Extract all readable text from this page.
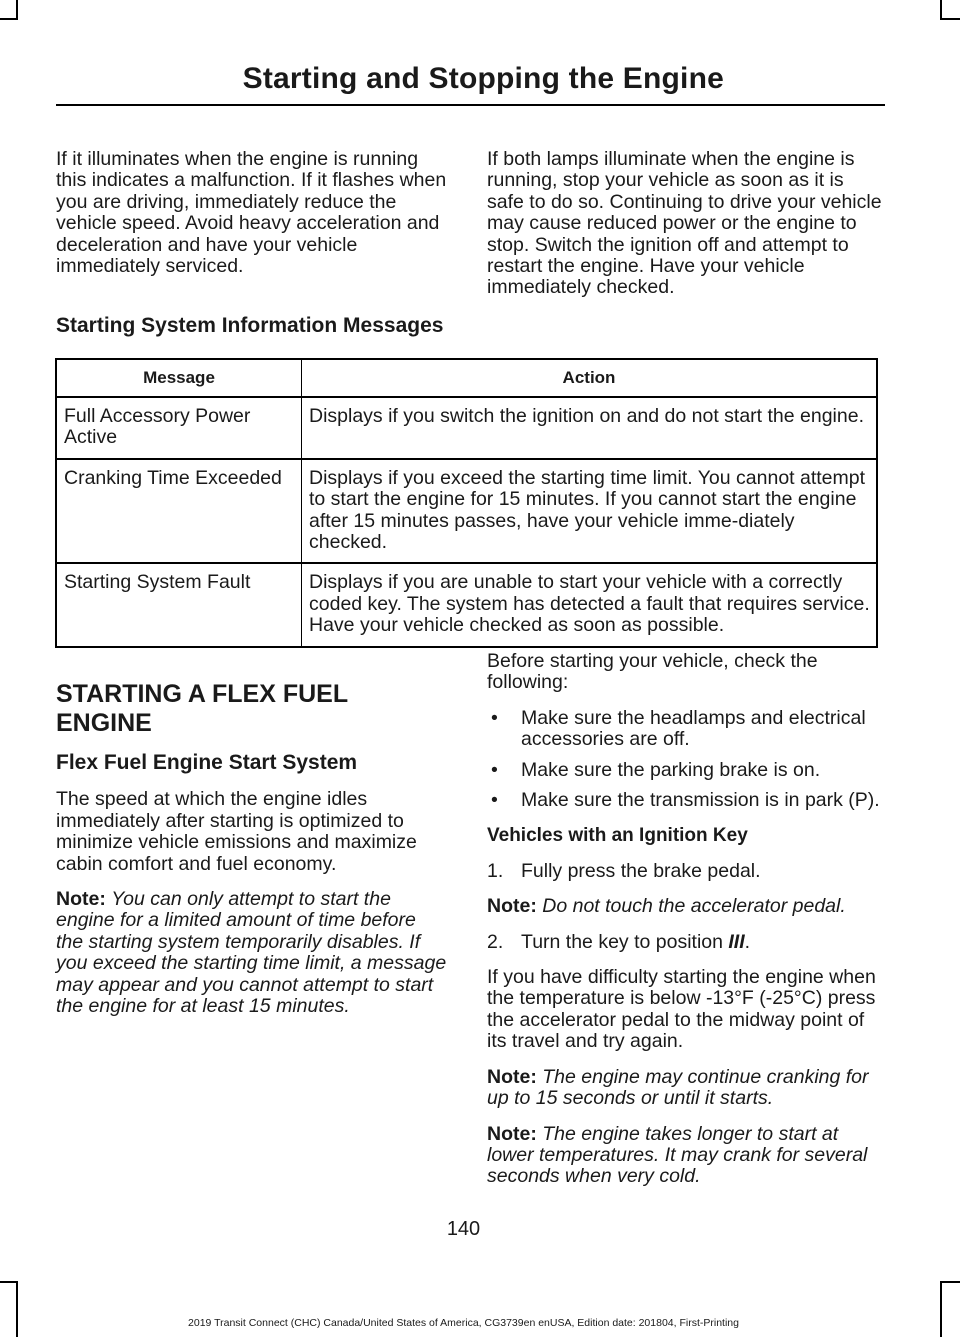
Starting and Stopping the Engine
If it illuminates when the engine is running this indicates a malfunction. If it flashes when you are driving, immediately reduce the vehicle speed. Avoid heavy acceleration and deceleration and have your vehicle immediately serviced.
If both lamps illuminate when the engine is running, stop your vehicle as soon as it is safe to do so. Continuing to drive your vehicle may cause reduced power or the engine to stop. Switch the ignition off and attempt to restart the engine. Have your vehicle immediately checked.
Starting System Information Messages
Message	Action
Full Accessory Power Active	Displays if you switch the ignition on and do not start the engine.
Cranking Time Exceeded	Displays if you exceed the starting time limit. You cannot attempt to start the engine for 15 minutes. If you cannot start the engine after 15 minutes passes, have your vehicle imme-diately checked.
Starting System Fault	Displays if you are unable to start your vehicle with a correctly coded key. The system has detected a fault that requires service. Have your vehicle checked as soon as possible.
STARTING A FLEX FUEL ENGINE
Flex Fuel Engine Start System

The speed at which the engine idles immediately after starting is optimized to minimize vehicle emissions and maximize cabin comfort and fuel economy.

Note: You can only attempt to start the engine for a limited amount of time before the starting system temporarily disables. If you exceed the starting time limit, a message may appear and you cannot attempt to start the engine for at least 15 minutes.

Before starting your vehicle, check the following:

• Make sure the headlamps and electrical accessories are off.
• Make sure the parking brake is on.
• Make sure the transmission is in park (P).
Vehicles with an Ignition Key
1. Fully press the brake pedal.

Note: Do not touch the accelerator pedal.

2. Turn the key to position III.

If you have difficulty starting the engine when the temperature is below -13°F (-25°C) press the accelerator pedal to the midway point of its travel and try again.

Note: The engine may continue cranking for up to 15 seconds or until it starts.

Note: The engine takes longer to start at lower temperatures. It may crank for several seconds when very cold.

140
2019 Transit Connect (CHC) Canada/United States of America, CG3739en enUSA, Edition date: 201804, First-Printing
